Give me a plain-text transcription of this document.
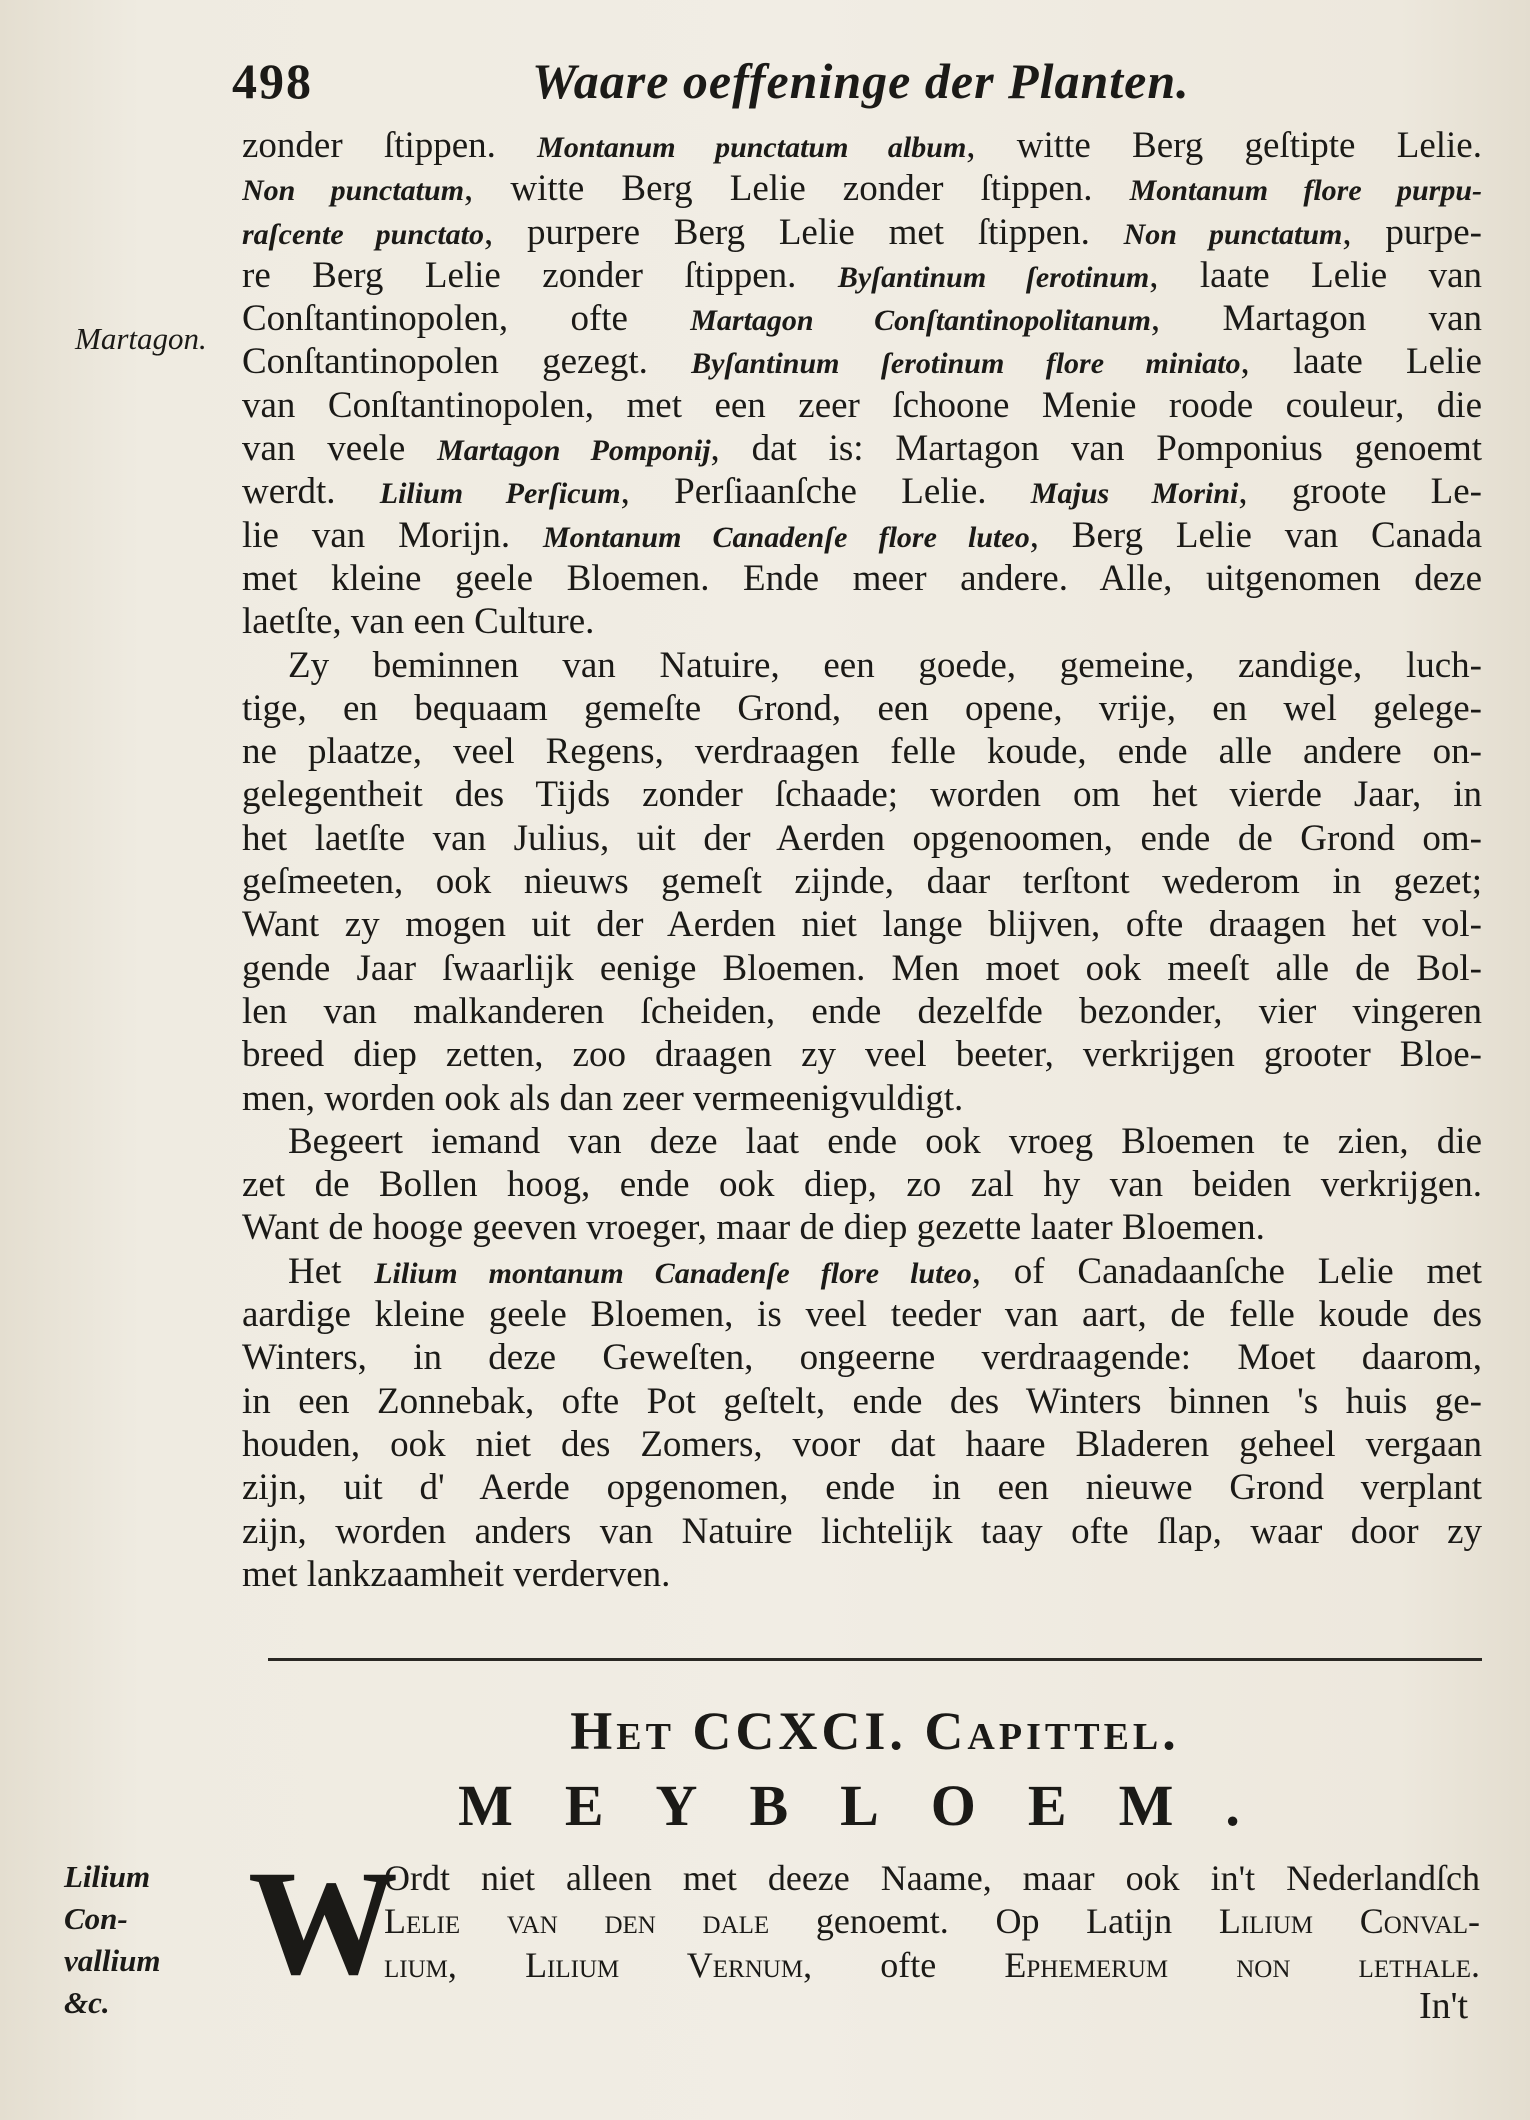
498	Waare oeffeninge der Planten.
Martagon.
Lilium Con-
vallium
&c.
zonder ſtippen. Montanum punctatum album, witte Berg geſtipte Lelie.
Non punctatum, witte Berg Lelie zonder ſtippen. Montanum flore purpu-
raſcente punctato, purpere Berg Lelie met ſtippen. Non punctatum, purpe-
re Berg Lelie zonder ſtippen. Byſantinum ſerotinum, laate Lelie van
Conſtantinopolen, ofte Martagon Conſtantinopolitanum, Martagon van
Conſtantinopolen gezegt. Byſantinum ſerotinum flore miniato, laate Lelie
van Conſtantinopolen, met een zeer ſchoone Menie roode couleur, die
van veele Martagon Pomponij, dat is: Martagon van Pomponius genoemt
werdt. Lilium Perſicum, Perſiaanſche Lelie. Majus Morini, groote Le-
lie van Morijn. Montanum Canadenſe flore luteo, Berg Lelie van Canada
met kleine geele Bloemen. Ende meer andere. Alle, uitgenomen deze
laetſte, van een Culture.
Zy beminnen van Natuire, een goede, gemeine, zandige, luch-
tige, en bequaam gemeſte Grond, een opene, vrije, en wel gelege-
ne plaatze, veel Regens, verdraagen felle koude, ende alle andere on-
gelegentheit des Tijds zonder ſchaade; worden om het vierde Jaar, in
het laetſte van Julius, uit der Aerden opgenoomen, ende de Grond om-
geſmeeten, ook nieuws gemeſt zijnde, daar terſtont wederom in gezet;
Want zy mogen uit der Aerden niet lange blijven, ofte draagen het vol-
gende Jaar ſwaarlijk eenige Bloemen. Men moet ook meeſt alle de Bol-
len van malkanderen ſcheiden, ende dezelfde bezonder, vier vingeren
breed diep zetten, zoo draagen zy veel beeter, verkrijgen grooter Bloe-
men, worden ook als dan zeer vermeenigvuldigt.
Begeert iemand van deze laat ende ook vroeg Bloemen te zien, die
zet de Bollen hoog, ende ook diep, zo zal hy van beiden verkrijgen.
Want de hooge geeven vroeger, maar de diep gezette laater Bloemen.
Het Lilium montanum Canadenſe flore luteo, of Canadaanſche Lelie met
aardige kleine geele Bloemen, is veel teeder van aart, de felle koude des
Winters, in deze Geweſten, ongeerne verdraagende: Moet daarom,
in een Zonnebak, ofte Pot geſtelt, ende des Winters binnen 's huis ge-
houden, ook niet des Zomers, voor dat haare Bladeren geheel vergaan
zijn, uit d' Aerde opgenomen, ende in een nieuwe Grond verplant
zijn, worden anders van Natuire lichtelijk taay ofte ſlap, waar door zy
met lankzaamheit verderven.
Het CCXCI. Capittel.
MEYBLOEM.
W
Ordt niet alleen met deeze Naame, maar ook in't Nederlandſch
Lelie van den dale genoemt. Op Latijn Lilium Conval-
lium, Lilium Vernum, ofte Ephemerum non lethale.
In't
